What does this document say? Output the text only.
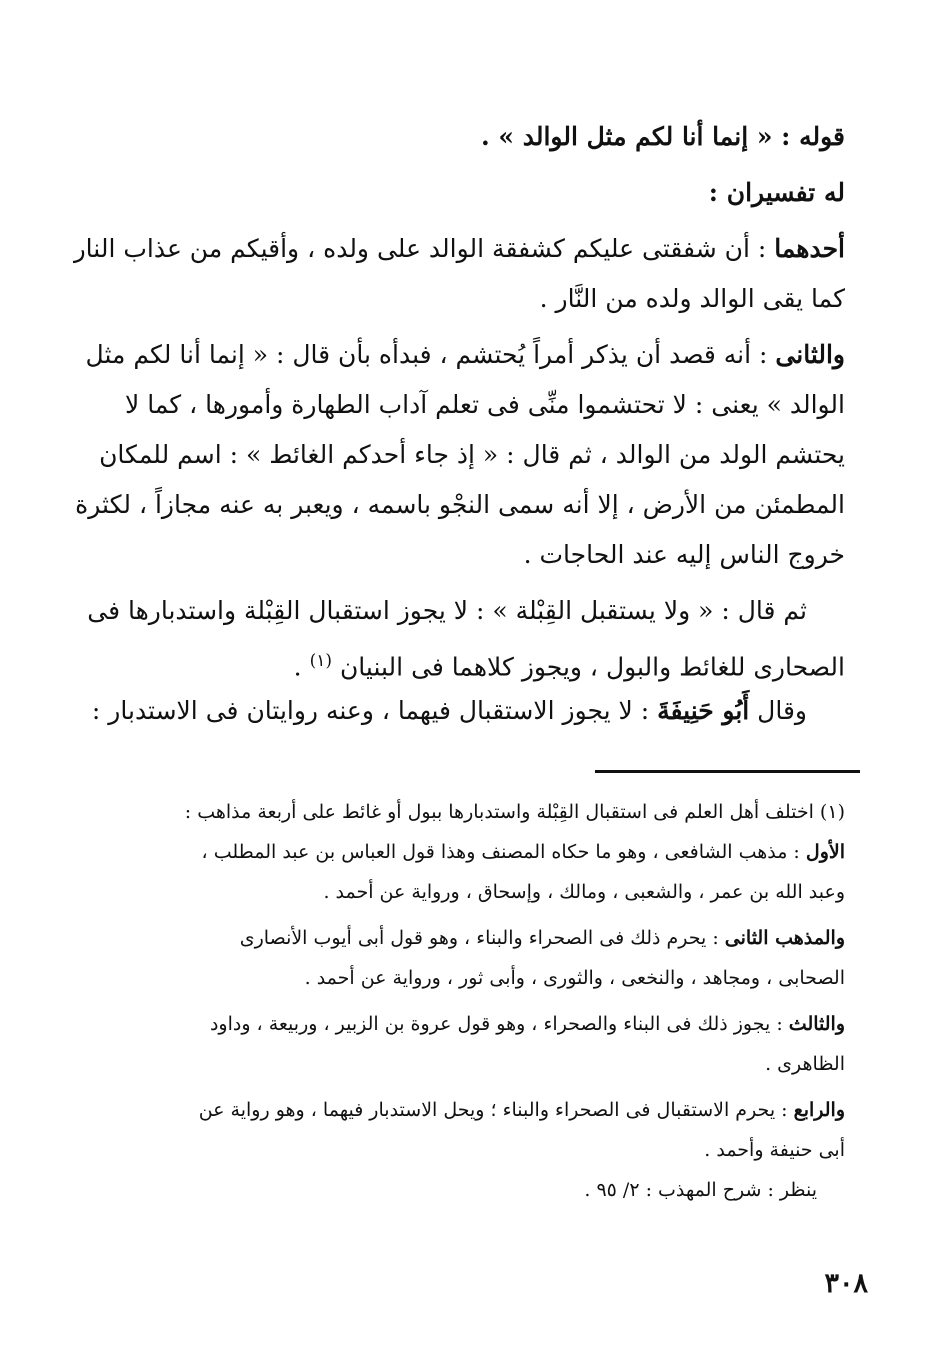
قوله : « إنما أنا لكم مثل الوالد » .
له تفسيران :
أحدهما : أن شفقتى عليكم كشفقة الوالد على ولده ، وأقيكم من عذاب النار
كما يقى الوالد ولده من النَّار .
والثانى : أنه قصد أن يذكر أمراً يُحتشم ، فبدأه بأن قال : « إنما أنا لكم مثل
الوالد » يعنى : لا تحتشموا منِّى فى تعلم آداب الطهارة وأمورها ، كما لا
يحتشم الولد من الوالد ، ثم قال : « إذ جاء أحدكم الغائط » : اسم للمكان
المطمئن من الأرض ، إلا أنه سمى النجْو باسمه ، ويعبر به عنه مجازاً ، لكثرة
خروج الناس إليه عند الحاجات .
ثم قال : « ولا يستقبل القِبْلة » : لا يجوز استقبال القِبْلة واستدبارها فى
الصحارى للغائط والبول ، ويجوز كلاهما فى البنيان $^{(١)}$ .
وقال أَبُو حَنِيفَةَ : لا يجوز الاستقبال فيهما ، وعنه روايتان فى الاستدبار :
(١) اختلف أهل العلم فى استقبال القِبْلة واستدبارها ببول أو غائط على أربعة مذاهب :
الأول : مذهب الشافعى ، وهو ما حكاه المصنف وهذا قول العباس بن عبد المطلب ،
وعبد الله بن عمر ، والشعبى ، ومالك ، وإسحاق ، ورواية عن أحمد .
والمذهب الثانى : يحرم ذلك فى الصحراء والبناء ، وهو قول أبى أيوب الأنصارى
الصحابى ، ومجاهد ، والنخعى ، والثورى ، وأبى ثور ، ورواية عن أحمد .
والثالث : يجوز ذلك فى البناء والصحراء ، وهو قول عروة بن الزبير ، وربيعة ، وداود
الظاهرى .
والرابع : يحرم الاستقبال فى الصحراء والبناء ؛ ويحل الاستدبار فيهما ، وهو رواية عن
أبى حنيفة وأحمد .
ينظر : شرح المهذب : ٢/ ٩٥ .
٣٠٨
